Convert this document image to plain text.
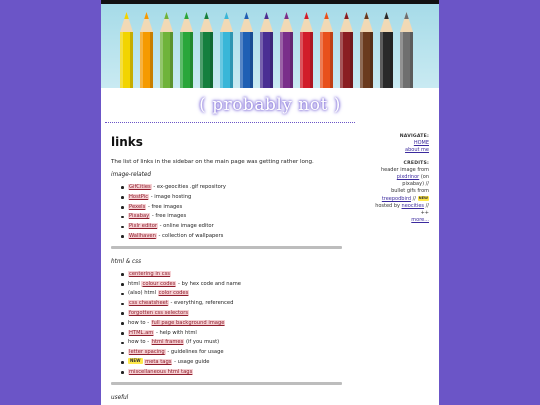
( probably not )
links

The list of links in the sidebar on the main page was getting rather long.

image-related
GifCities - ex-geocities .gif repository
HostPic - image hosting
Pexels - free images
Pixabay - free images
Pixlr editor - online image editor
Wallhaven - collection of wallpapers
html & css
centering in css
html colour codes - by hex code and name
(also) html color codes
css cheatsheet - everything, referenced
forgotten css selectors
how to - full page background image
HTML.am - help with html
how to - html frames (if you must)
letter spacing - guidelines for usage
NEW meta tags - usage guide
miscellaneous html tags
useful
NAVIGATE:
HOME
about me
CREDITS:
header image from
pixdrinor (on
pixabay) //
bullet gifs from
treepodbird // NEW
hosted by neocities //
++
more...
